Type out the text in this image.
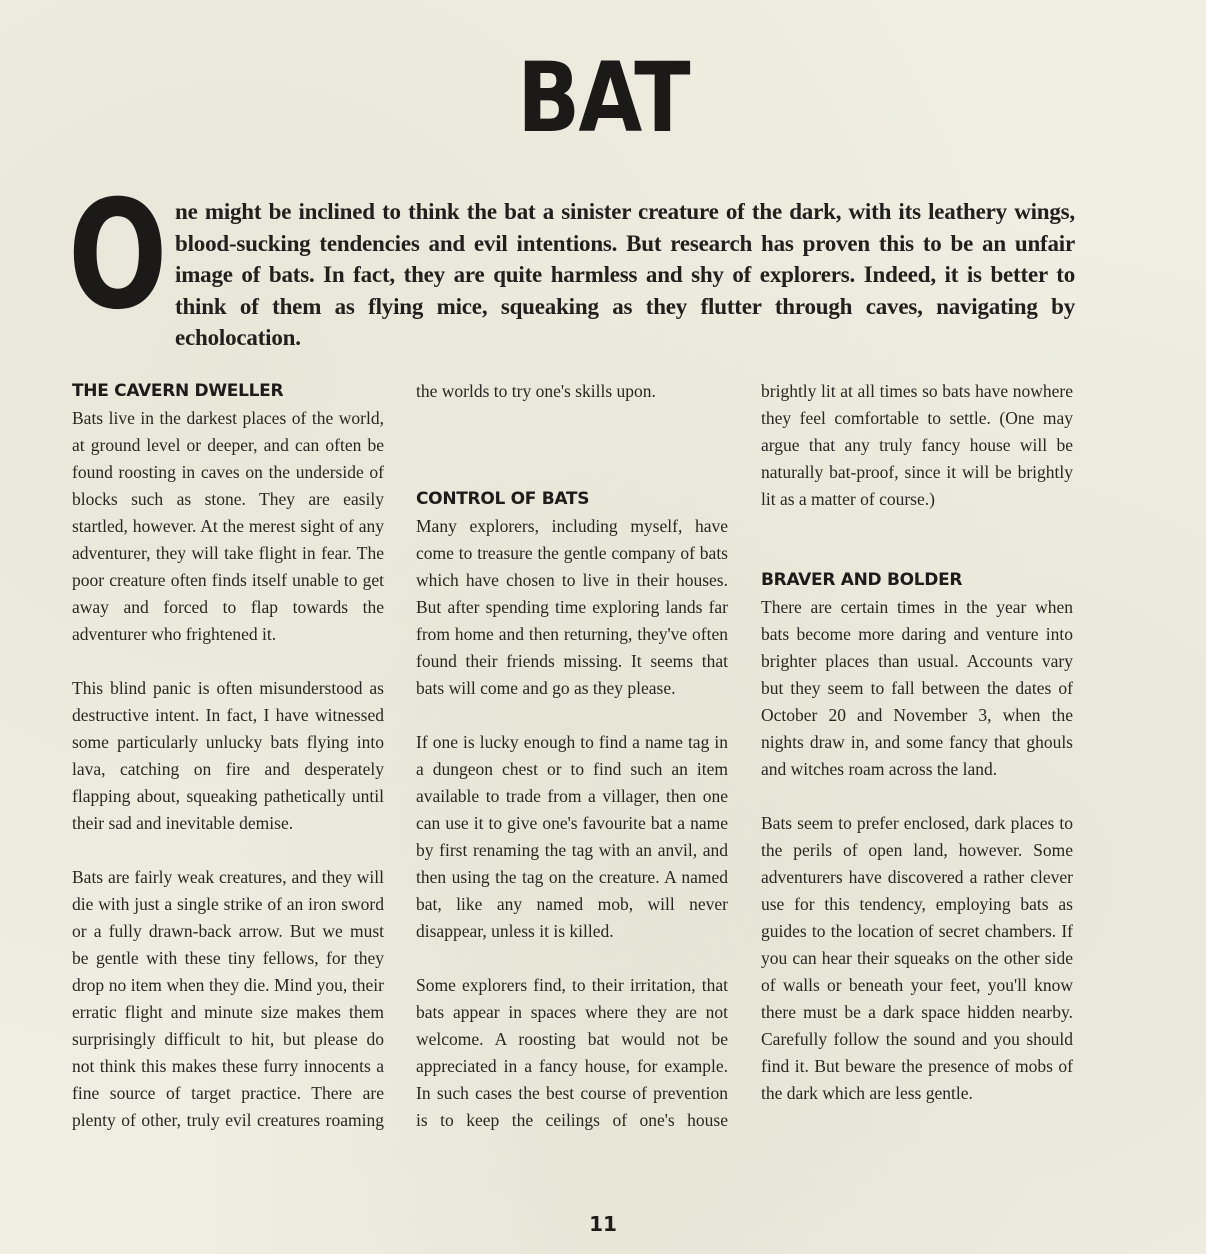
BAT
O ne might be inclined to think the bat a sinister creature of the dark, with its leathery wings, blood-sucking tendencies and evil intentions. But research has proven this to be an unfair image of bats. In fact, they are quite harmless and shy of explorers. Indeed, it is better to think of them as flying mice, squeaking as they flutter through caves, navigating by echolocation.
THE CAVERN DWELLER

Bats live in the darkest places of the world, at ground level or deeper, and can often be found roosting in caves on the underside of blocks such as stone. They are easily startled, however. At the merest sight of any adventurer, they will take flight in fear. The poor creature often finds itself unable to get away and forced to flap towards the adventurer who frightened it.

This blind panic is often misunderstood as destructive intent. In fact, I have witnessed some particularly unlucky bats flying into lava, catching on fire and desperately flapping about, squeaking pathetically until their sad and inevitable demise.

Bats are fairly weak creatures, and they will die with just a single strike of an iron sword or a fully drawn-back arrow. But we must be gentle with these tiny fellows, for they drop no item when they die. Mind you, their erratic flight and minute size makes them surprisingly difficult to hit, but please do not think this makes these furry innocents a fine source of target practice. There are plenty of other, truly evil creatures roaming

the worlds to try one's skills upon.

CONTROL OF BATS

Many explorers, including myself, have come to treasure the gentle company of bats which have chosen to live in their houses. But after spending time exploring lands far from home and then returning, they've often found their friends missing. It seems that bats will come and go as they please.

If one is lucky enough to find a name tag in a dungeon chest or to find such an item available to trade from a villager, then one can use it to give one's favourite bat a name by first renaming the tag with an anvil, and then using the tag on the creature. A named bat, like any named mob, will never disappear, unless it is killed.

Some explorers find, to their irritation, that bats appear in spaces where they are not welcome. A roosting bat would not be appreciated in a fancy house, for example. In such cases the best course of prevention is to keep the ceilings of one's house

brightly lit at all times so bats have nowhere they feel comfortable to settle. (One may argue that any truly fancy house will be naturally bat-proof, since it will be brightly lit as a matter of course.)

BRAVER AND BOLDER

There are certain times in the year when bats become more daring and venture into brighter places than usual. Accounts vary but they seem to fall between the dates of October 20 and November 3, when the nights draw in, and some fancy that ghouls and witches roam across the land.

Bats seem to prefer enclosed, dark places to the perils of open land, however. Some adventurers have discovered a rather clever use for this tendency, employing bats as guides to the location of secret chambers. If you can hear their squeaks on the other side of walls or beneath your feet, you'll know there must be a dark space hidden nearby. Carefully follow the sound and you should find it. But beware the presence of mobs of the dark which are less gentle.

11
